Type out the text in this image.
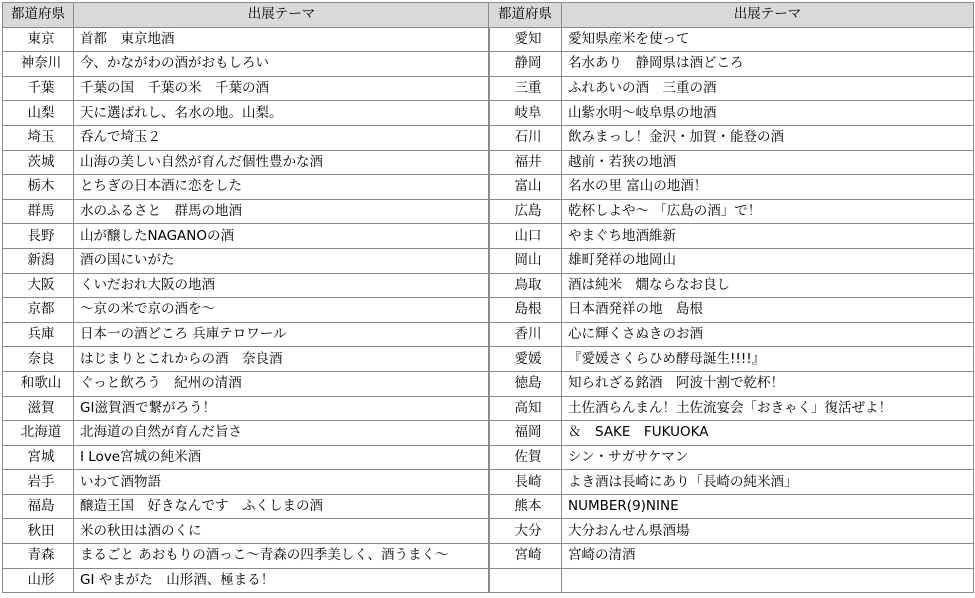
都道府県	出展テーマ
東京	首都　東京地酒
神奈川	今、かながわの酒がおもしろい
千葉	千葉の国　千葉の米　千葉の酒
山梨	天に選ばれし、名水の地。山梨。
埼玉	呑んで埼玉２
茨城	山海の美しい自然が育んだ個性豊かな酒
栃木	とちぎの日本酒に恋をした
群馬	水のふるさと　群馬の地酒
長野	山が醸したNAGANOの酒
新潟	酒の国にいがた
大阪	くいだおれ大阪の地酒
京都	～京の米で京の酒を～
兵庫	日本一の酒どころ 兵庫テロワール
奈良	はじまりとこれからの酒　奈良酒
和歌山	ぐっと飲ろう　紀州の清酒
滋賀	GI滋賀酒で繋がろう！
北海道	北海道の自然が育んだ旨さ
宮城	I Love宮城の純米酒
岩手	いわて酒物語
福島	醸造王国　好きなんです　ふくしまの酒
秋田	米の秋田は酒のくに
青森	まるごと あおもりの酒っこ～青森の四季美しく、酒うまく～
山形	GI やまがた　山形酒、極まる！
都道府県	出展テーマ
愛知	愛知県産米を使って
静岡	名水あり　静岡県は酒どころ
三重	ふれあいの酒　三重の酒
岐阜	山紫水明～岐阜県の地酒
石川	飲みまっし！金沢・加賀・能登の酒
福井	越前・若狭の地酒
富山	名水の里 富山の地酒！
広島	乾杯しよや～ 「広島の酒」で！
山口	やまぐち地酒維新
岡山	雄町発祥の地岡山
鳥取	酒は純米　燗ならなお良し
島根	日本酒発祥の地　島根
香川	心に輝くさぬきのお酒
愛媛	『愛媛さくらひめ酵母誕生!!!!』
徳島	知られざる銘酒　阿波十割で乾杯！
高知	土佐酒らんまん！土佐流宴会「おきゃく」復活ぜよ！
福岡	＆　SAKE　FUKUOKA
佐賀	シン・サガサケマン
長崎	よき酒は長崎にあり「長崎の純米酒」
熊本	NUMBER(9)NINE
大分	大分おんせん県酒場
宮崎	宮崎の清酒
